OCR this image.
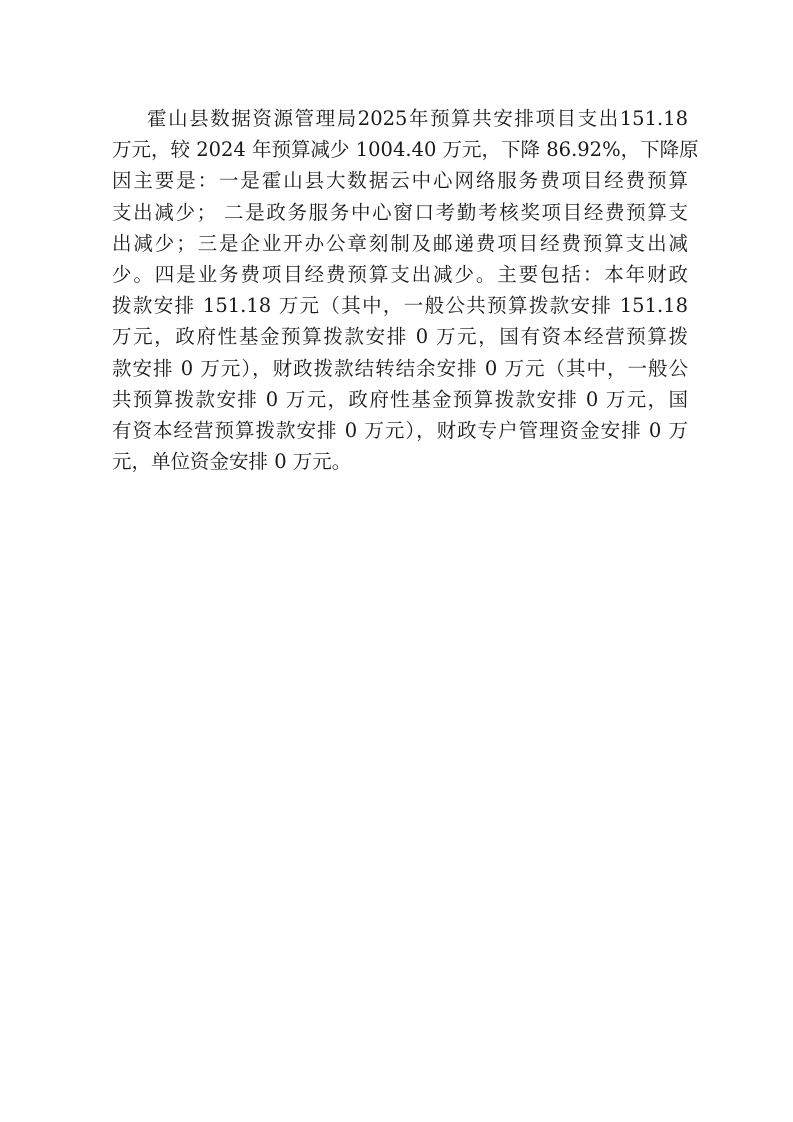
霍山县数据资源管理局2025年预算共安排项目支出151.18
万元，较 2024 年预算减少 1004.40 万元，下降 86.92%，下降原
因主要是：一是霍山县大数据云中心网络服务费项目经费预算
支出减少； 二是政务服务中心窗口考勤考核奖项目经费预算支
出减少；三是企业开办公章刻制及邮递费项目经费预算支出减
少。四是业务费项目经费预算支出减少。主要包括：本年财政
拨款安排 151.18 万元（其中，一般公共预算拨款安排 151.18
万元，政府性基金预算拨款安排 0 万元，国有资本经营预算拨
款安排 0 万元），财政拨款结转结余安排 0 万元（其中，一般公
共预算拨款安排 0 万元，政府性基金预算拨款安排 0 万元，国
有资本经营预算拨款安排 0 万元），财政专户管理资金安排 0 万
元，单位资金安排 0 万元。
